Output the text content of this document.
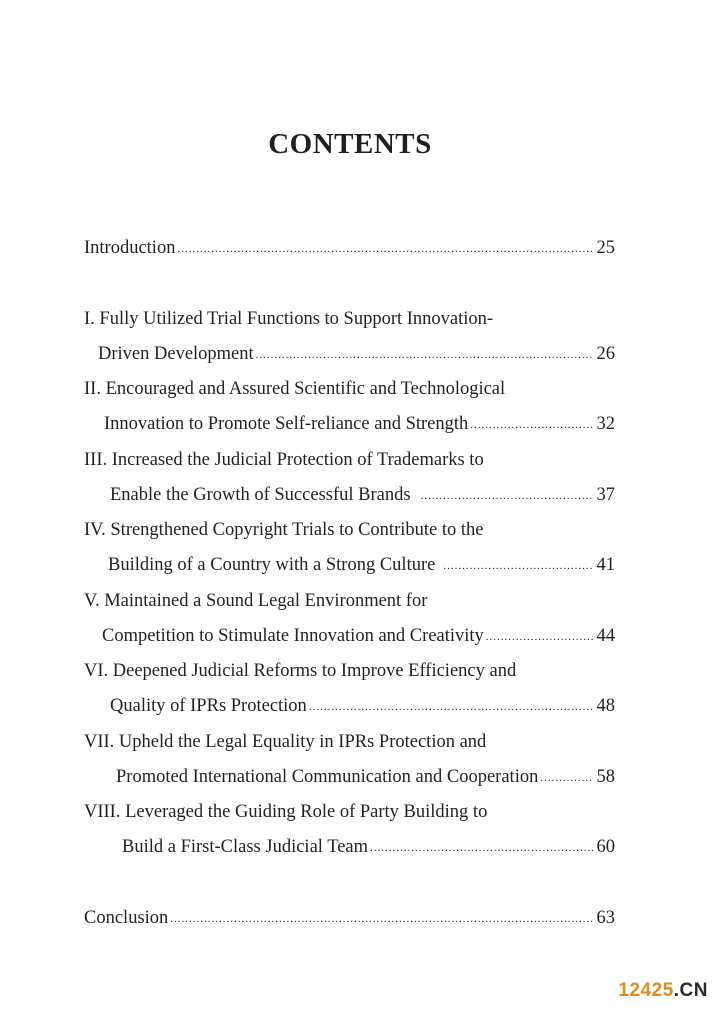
CONTENTS
Introduction .....	25
I. Fully Utilized Trial Functions to Support Innovation-
Driven Development .....	26
II. Encouraged and Assured Scientific and Technological
Innovation to Promote Self-reliance and Strength .....	32
III. Increased the Judicial Protection of Trademarks to
Enable the Growth of Successful Brands .....	37
IV. Strengthened Copyright Trials to Contribute to the
Building of a Country with a Strong Culture .....	41
V. Maintained a Sound Legal Environment for
Competition to Stimulate Innovation and Creativity .....	44
VI. Deepened Judicial Reforms to Improve Efficiency and
Quality of IPRs Protection .....	48
VII. Upheld the Legal Equality in IPRs Protection and
Promoted International Communication and Cooperation .....	58
VIII. Leveraged the Guiding Role of Party Building to
Build a First-Class Judicial Team .....	60
Conclusion .....	63
12425.CN
